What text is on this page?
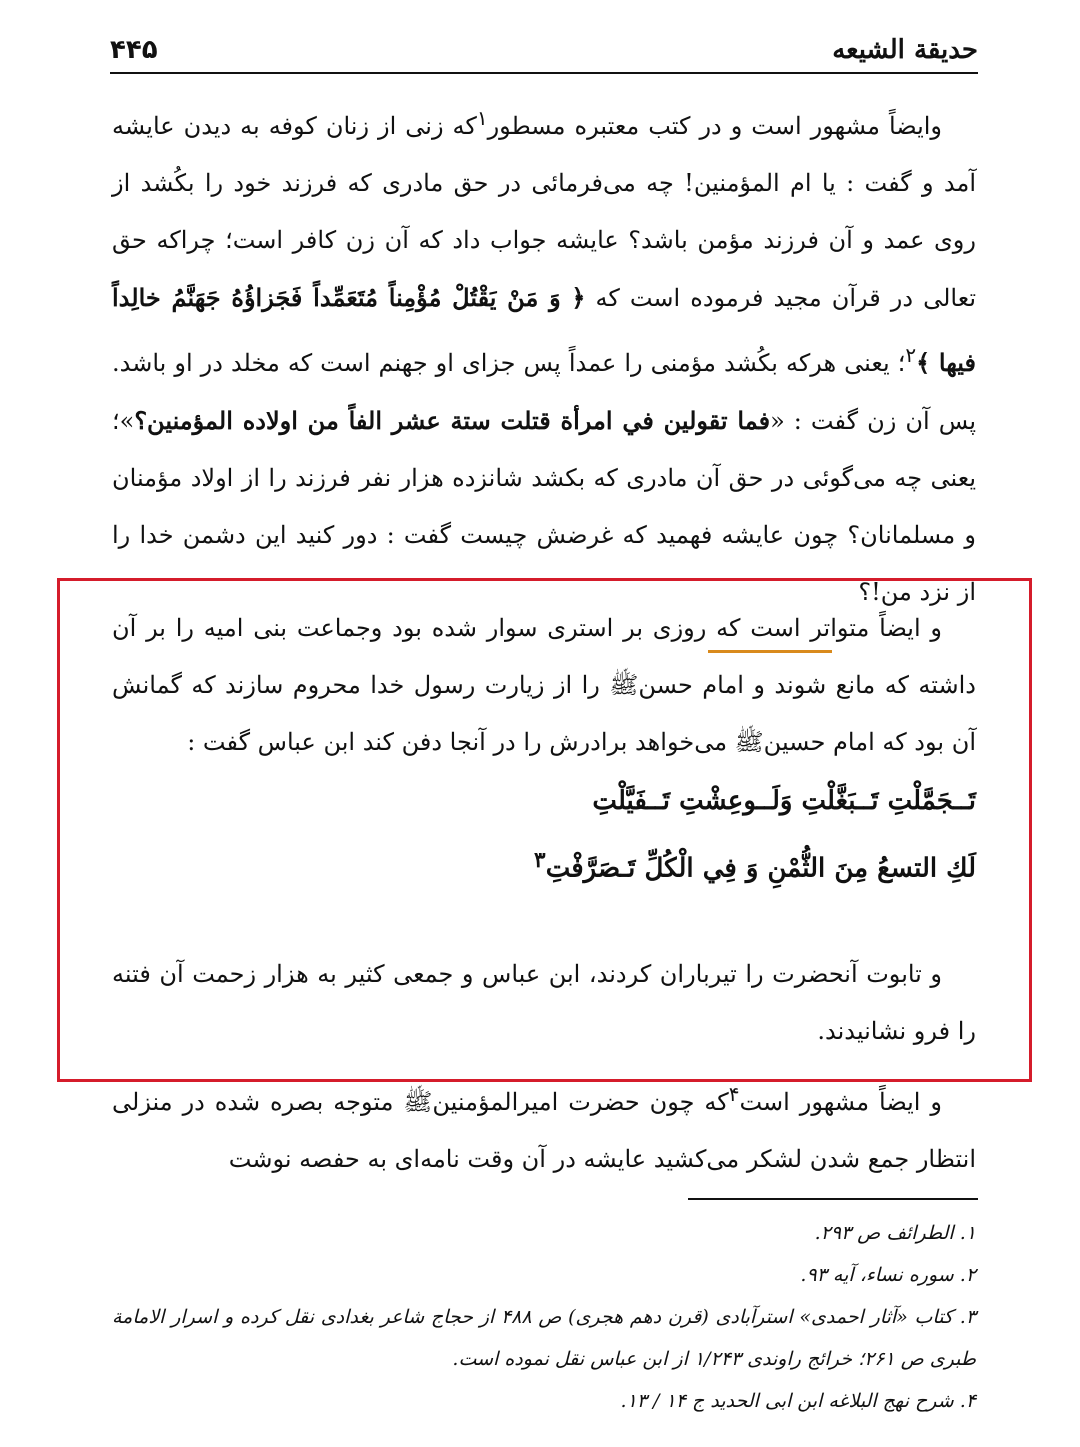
حديقة الشيعه
۴۴۵

وایضاً مشهور است و در کتب معتبره مسطور$^۱$که زنی از زنان کوفه به دیدن عایشه آمد و گفت : یا ام المؤمنین! چه می‌فرمائی در حق مادری که فرزند خود را بکُشد از روی عمد و آن فرزند مؤمن باشد؟ عایشه جواب داد که آن زن کافر است؛ چراکه حق تعالی در قرآن مجید فرموده است که ﴿ وَ مَنْ يَقْتُلْ مُؤْمِناً مُتَعَمِّداً فَجَزاؤُهُ جَهَنَّمُ خالِداً فيها ﴾$^۲$؛ یعنی هرکه بکُشد مؤمنی را عمداً پس جزای او جهنم است که مخلد در او باشد. پس آن زن گفت : «فما تقولين في امرأة قتلت ستة عشر الفاً من اولاده المؤمنين؟»؛ یعنی چه می‌گوئی در حق آن مادری که بکشد شانزده هزار نفر فرزند را از اولاد مؤمنان و مسلمانان؟ چون عایشه فهمید که غرضش چیست گفت : دور کنید این دشمن خدا را از نزد من!؟

و ایضاً متواتر است که روزی بر استری سوار شده بود وجماعت بنی امیه را بر آن داشته که مانع شوند و امام حسنﷺ را از زیارت رسول خدا محروم سازند که گمانش آن بود که امام حسینﷺ می‌خواهد برادرش را در آنجا دفن کند ابن عباس گفت :

تَــجَمَّلْتِ تَــبَغَّلْتِ وَلَــوعِشْتِ تَــفَيَّلْتِ

لَكِ التسعُ مِنَ الثُّمْنِ وَ فِي الْكُلِّ تَـصَرَّفْتِ$^۳$

و تابوت آنحضرت را تیرباران کردند، ابن عباس و جمعی کثیر به هزار زحمت آن فتنه را فرو نشانیدند.

و ایضاً مشهور است$^۴$که چون حضرت امیرالمؤمنینﷺ متوجه بصره شده در منزلی انتظار جمع شدن لشکر می‌کشید عایشه در آن وقت نامه‌ای به حفصه نوشت

۱. الطرائف ص ۲۹۳.

۲. سوره نساء، آیه ۹۳.

۳. کتاب «آثار احمدی» استرآبادی (قرن دهم هجری) ص ۴۸۸ از حجاج شاعر بغدادی نقل کرده و اسرار الامامة طبری ص ۲۶۱؛ خرائج راوندی ۱/۲۴۳ از ابن عباس نقل نموده است.

۴. شرح نهج البلاغه ابن ابی الحدید ج ۱۴ / ۱۳.
